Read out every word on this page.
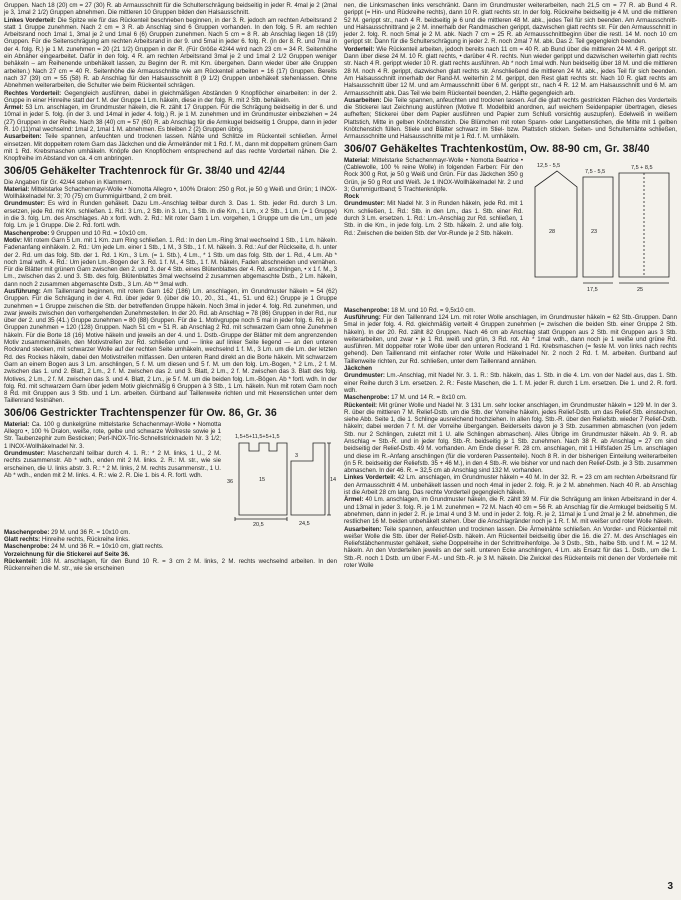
Gruppen. Nach 18 (20) cm = 27 (30) R. ab Armausschnitt für die Schulterschrägung beidseitig in jeder R. 4mal je 2 (2mal je 3, 1mal 2 1/2) Gruppen abnehmen. Die mittleren 10 Gruppen bilden den Halsausschnitt.

Linkes Vorderteil: Die Spitze wie für das Rückenteil beschrieben beginnen, in der 3. R. jedoch am rechten Arbeitsrand 2 statt 1 Gruppe zunehmen. Nach 2 cm = 3 R. ab Anschlag sind 6 Gruppen vorhanden. In den folg. 5 R. am rechten Arbeitsrand noch 1mal 1, 3mal je 2 und 1mal 6 (6) Gruppen zunehmen. Nach 5 cm = 8 R. ab Anschlag liegen 18 (19) Gruppen. Für die Seitenschrägung am rechten Arbeitsrand in der 9. und 5mal in jeder 6. folg. R. (in der 8. R. und 7mal in der 4. folg. R.) je 1 M. zunehmen = 20 (21 1/2) Gruppen in der R. (Für Größe 42/44 wird nach 23 cm = 34 R. Seitenhöhe ein Abnäher eingearbeitet. Dafür in den folg. 4 R. am rechten Arbeitsrand 3mal je 2 und 1mal 2 1/2 Gruppen weniger behäkeln – am Reihenende unbehäkelt lassen, zu Beginn der R. mit Km. übergehen. Dann wieder über alle Gruppen arbeiten.) Nach 27 cm = 40 R. Seitenhöhe die Armausschnitte wie am Rückenteil arbeiten = 16 (17) Gruppen. Bereits nach 37 (39) cm = 55 (58) R. ab Anschlag für den Halsausschnitt 8 (9 1/2) Gruppen unbehäkelt stehenlassen. Ohne Abnehmen weiterarbeiten, die Schulter wie beim Rückenteil schrägen.

Rechtes Vorderteil: Gegengleich ausführen, dabei in gleichmäßigen Abständen 9 Knopflöcher einarbeiten: in der 2. Gruppe in einer Hinreihe statt der f. M. der Gruppe 1 Lm. häkeln, diese in der folg. R. mit 2 Stb. behäkeln.

Ärmel: 53 Lm. anschlagen, im Grundmuster häkeln, die R. zählt 17 Gruppen. Für die Schrägung beidseitig in der 6. und 10mal in jeder 5. folg. (in der 3. und 14mal in jeder 4. folg.) R. je 1 M. zunehmen und im Grundmuster einbeziehen = 24 (27) Gruppen in der Reihe. Nach 38 (40) cm = 57 (60) R. ab Anschlag für die Armkugel beidseitig 1 Gruppe, dann in jeder R. 10 (11)mal wechselnd: 1mal 2, 1mal 1 M. abnehmen. Es bleiben 2 (2) Gruppen übrig.

Ausarbeiten: Teile spannen, anfeuchten und trocknen lassen. Nähte und Schlitze im Rückenteil schließen. Ärmel einsetzen. Mit doppeltem rotem Garn das Jäckchen und die Ärmelränder mit 1 Rd. f. M., dann mit doppeltem grünem Garn mit 1 Rd. Krebsmaschen umhäkeln. Knöpfe den Knopflöchern entsprechend auf das rechte Vorderteil nähen. Die 2. Knopfreihe im Abstand von ca. 4 cm anbringen.

306/05 Gehäkelter Trachtenrock für Gr. 38/40 und 42/44

Die Angaben für Gr. 42/44 stehen in Klammern.

Material: Mittelstarke Schachenmayr-Wolle • Nomotta Allegro •, 100% Dralon: 250 g Rot, je 50 g Weiß und Grün; 1 INOX-Wollhäkelnadel Nr. 3; 70 (75) cm Gummiguirtband, 2 cm breit.

Grundmuster: Es wird in Runden gehäkelt. Dazu Lm.-Anschlag teilbar durch 3. Das 1. Stb. jeder Rd. durch 3 Lm. ersetzen, jede Rd. mit Km. schließen. 1. Rd.: 3 Lm., 2 Stb. in 3. Lm., 1 Stb. in die Km., 1 Lm., x 2 Stb., 1 Lm. (= 1 Gruppe) in die 3. folg. Lm. des Anschlages. Ab x fortl. wdh. 2. Rd.: Mit roter Garn 1 Lm. vorgehen, 1 Gruppe um die Lm., um jede folg. Lm. je 1 Gruppe. Die 2. Rd. fortl. wdh.

Maschenprobe: 9 Gruppen und 10 Rd. = 10x10 cm.

Motiv: Mit rotem Garn 5 Lm. mit 1 Km. zum Ring schließen. 1. Rd.: In den Lm.-Ring 3mal wechselnd 1 Stb., 1 Lm. häkeln. Fadenanfang einhäkeln. 2. Rd.: Um jede Lm. einer 1 Stb., 1 M., 3 Stb., 1 f. M. häkeln. 3. Rd.: Auf der Rückseite, d. h. unter der 2. Rd. um das folg. Stb. der 1. Rd. 1 Km., 3 Lm. (= 1. Stb.), 4 Lm., * 1 Stb. um das folg. Stb. der 1. Rd., 4 Lm. Ab * noch 1mal wdh. 4. Rd.: Um jeden Lm.-Bogen der 3. Rd. 1 f. M., 4 Stb., 1 f. M. häkeln, Faden abschneiden und vernähen. Für die Blätter mit grünem Garn zwischen den 2. und 3. der 4 Stb. eines Blütenblattes der 4. Rd. anschlingen, • x 1 f. M., 3 Lm., zwischen das 2. und 3. Stb. des folg. Blütenblattes 3mal wechselnd 2 zusammen abgemaschte Dstb., 2 Lm. häkeln, dann noch 2 zusammen abgemaschte Dstb., 3 Lm. Ab ** 3mal wdh.

Ausführung: Am Taillenrand beginnen, mit rotem Garn 162 (186) Lm. anschlagen, im Grundmuster häkeln = 54 (62) Gruppen. Für die Schrägung in der 4. Rd. über jeder 9. (über die 10., 20., 31., 41., 51. und 62.) Gruppe je 1 Gruppe zunehmen = 1 Gruppe zwischen die Stb. der betreffenden Gruppe häkeln. Noch 3mal in jeder 4. folg. Rd. zunehmen, und zwar jeweils zwischen den vorhergehenden Zunehmestellen. In der 20. Rd. ab Anschlag = 78 (86) Gruppen in der Rd., nur über der 2. und 35 (41.) Gruppe zunehmen = 80 (88) Gruppen. Für die 1. Motivgruppe noch 5 mal in jeder folg. 6. Rd. je 8 Gruppen zunehmen = 120 (128) Gruppen. Nach 51 cm = 51 R. ab Anschlag 2 Rd. mit schwarzem Garn ohne Zunehmen häkeln. Für die Borte 18 (16) Motive häkeln und jeweils an der 4. und 1. Dstb.-Gruppe der Blätter mit dem angrenzenden Motiv zusammenhäkeln, den Motivstreifen zur Rd. schließen und — linke auf linker Seite liegend — an den unteren Rockrand stecken, mit schwarzer Wolle auf der rechten Seite umhäkeln, wechselnd 1 f. M., 3 Lm. um die Lm. der letzten Rd. des Rockes häkeln, dabei den Motivstreifen mitfassen. Den unteren Rand direkt an die Borte häkeln. Mit schwarzem Garn an einem Bogen aus 3 Lm. anschlingen, 5 f. M. um diesen und 5 f. M. um den folg. Lm.-Bogen, * 2 Lm., 2 f. M. zwischen das 1. und 2. Blatt, 2 Lm., 2 f. M. zwischen das 2. und 3. Blatt, 2 Lm., 2 f. M. zwischen das 3. Blatt des folg. Motives, 2 Lm., 2 f. M. zwischen das 3. und 4. Blatt, 2 Lm., je 5 f. M. um die beiden folg. Lm.-Bögen. Ab * fortl. wdh. In der folg. Rd. mit schwarzem Garn über jedem Motiv gleichmäßig 6 Gruppen à 3 Stb., 1 Lm. häkeln. Nun mit rotem Garn noch 8 Rd. mit Gruppen aus 3 Stb. und 1 Lm. arbeiten. Gürtband auf Taillenweite richten und mit Hexenstichen unter dem Taillenrand festnähen.

306/06 Gestrickter Trachtenspenzer für Ow. 86, Gr. 36

Material: Ca. 100 g dunkelgrüne mittelstarke Schachenmayr-Wolle • Nomotta Allegro •, 100 % Dralon, weiße, rote, gelbe und schwarze Wollreste sowie je 1 Str. Taubenzephir zum Besticken; Perl-INOX-Tric-Schnellstricknadeln Nr. 3 1/2; 1 INOX-Wollhäkelnadel Nr. 3.

Grundmuster: Maschenzahl teilbar durch 4. 1. R.: * 2 M. links, 1 U., 2 M. rechts zusammenstr. Ab * wdh., enden mit 2 M. links. 2. R.: M. str., wie sie erscheinen, die U. links abstr. 3. R.: * 2 M. links, 2 M. rechts zusammenstr., 1 U. Ab * wdh., enden mit 2 M. links. 4. R.: wie 2. R. Die 1. bis 4. R. fortl. wdh.

1,5+5+11,5+5+1,5
20,5	24,5
36	14
3
15

Maschenprobe: 29 M. und 36 R. = 10x10 cm.

Glatt rechts: Hinreihe rechts, Rückreihe links.

Maschenprobe: 24 M. und 36 R. = 10x10 cm, glatt rechts.

Vorzeichnung für die Stickerei auf Seite 36.

Rückenteil: 108 M. anschlagen, für den Bund 10 R. = 3 cm 2 M. links, 2 M. rechts wechselnd arbeiten. In den Rückenreihen die M. str., wie sie erscheinen

nen, die Linksmaschen links verschränkt. Dann im Grundmuster weiterarbeiten, nach 21,5 cm = 77 R. ab Bund 4 R. gerippt (= Hin- und Rückreihe rechts), dann 10 R. glatt rechts str. In der folg. Rückreihe beidseitig je 4 M. und die mittleren 52 M. gerippt str., nach 4 R. beidseitig je 6 und die mittleren 48 M. abk., jedes Teil für sich beenden. Am Armausschnitt- und Halsausschnittrand je 2 M. innerhalb der Randmaschen gerippt, dazwischen glatt rechts str. Für den Armausschnitt in jeder 2. folg. R. noch 5mal je 2 M. abk. Nach 7 cm = 25 R. ab Armausschnittbeginn über die restl. 14 M. noch 10 cm gerippt str. Dann für die Schulterschrägung in jeder 2. R. noch 2mal 7 M. abk. Das 2. Teil gegengleich beenden.

Vorderteil: Wie Rückenteil arbeiten, jedoch bereits nach 11 cm = 40 R. ab Bund über die mittleren 24 M. 4 R. gerippt str. Dann über diese 24 M. 10 R. glatt rechts, • darüber 4 R. rechts. Nun wieder gerippt und dazwischen weiterhin glatt rechts str. Nach 4 R. gerippt wieder 10 R. glatt rechts ausführen. Ab * noch 1mal wdh. Nun beidseitig über 18 M. und die mittleren 28 M. noch 4 R. gerippt, dazwischen glatt rechts str. Anschließend die mittleren 24 M. abk., jedes Teil für sich beenden. Am Halsausschnitt innerhalb der Rand-M. weiterhin 2 M. gerippt, den Rest glatt rechts str. Nach 10 R. glatt rechts am Halsausschnitt über 12 M. und am Armausschnitt über 6 M. gerippt str., nach 4 R. 12 M. am Halsausschnitt und 6 M. am Armausschnitt abk. Das Teil wie beim Rückenteil beenden, 2. Hälfte gegengleich arb.

Ausarbeiten: Die Teile spannen, anfeuchten und trocknen lassen. Auf die glatt rechts gestrickten Flächen des Vorderteils die Stickerei laut Zeichnung ausführen (Motive ff. Modellbild anordnen, auf weichem Seidenpapier übertragen, dieses aufheften; Stickerei über dem Papier ausführen und Papier zum Schluß vorsichtig auszupfen). Edelweiß in weißem Plattstich, Mitte in gelben Knötchenstich. Die Blümchen mit roten Spann- oder Langettenstichen, die Mitte mit 1 gelben Knötchenstich füllen. Stiele und Blätter schwarz im Stiel- bzw. Plattstich sticken. Seiten- und Schulternähte schließen, Armausschnitte und Halsausschnitte mit je 1 Rd. f. M. umhäkeln.

306/07 Gehäkeltes Trachtenkostüm, Ow. 88-90 cm, Gr. 38/40

Material: Mittelstarke Schachenmayr-Wolle • Nomotta Beatrice • (Cablewolle, 100 % reine Wolle) in folgenden Farben: Für den Rock 300 g Rot, je 50 g Weiß und Grün. Für das Jäckchen 350 g Grün, je 50 g Rot und Weiß. Je 1 INOX-Wollhäkelnadel Nr. 2 und 3; Gummigurtband; 5 Trachtenknöpfe.

Rock

Grundmuster: Mit Nadel Nr. 3 in Runden häkeln, jede Rd. mit 1 Km. schließen, 1. Rd.: Stb. in den Lm., das 1. Stb. einer Rd. durch 3 Lm. ersetzen. 1. Rd.: Lm.-Anschlag zur Rd. schließen, 1 Stb. in die Km., in jede folg. Lm. 2 Stb. häkeln. 2. und alle folg. Rd.: Zwischen die beiden Stb. der Vor-Runde je 2 Stb. häkeln.

12,5 - 5,5
28
7,5 - 5,5
23
17,5	25
7,5 + 8,5

Maschenprobe: 18 M. und 10 Rd. = 9,5x10 cm.

Ausführung: Für den Taillenrand 124 Lm. mit roter Wolle anschlagen, im Grundmuster häkeln = 62 Stb.-Gruppen. Dann 5mal in jeder folg. 4. Rd. gleichmäßig verteilt 4 Gruppen zunehmen (= zwischen die beiden Stb. einer Gruppe 2 Stb. häkeln). In der 20. Rd. zählt 82 Gruppen. Nach 46 cm ab Anschlag statt Gruppen aus 2 Stb. mit Gruppen aus 3 Stb. weiterarbeiten, und zwar • je 1 Rd. weiß und grün, 3 Rd. rot. Ab * 1mal wdh., dann noch je 1 weiße und grüne Rd. ausführen. Mit doppelter roter Wolle über den unteren Rockrand 1 Rd. Krebsmaschen (= feste M. von links nach rechts gehend). Den Taillenrand mit einfacher roter Wolle und Häkelnadel Nr. 2 noch 2 Rd. f. M. arbeiten. Gurtband auf Taillenweite richten, zur Rd. schließen, unter dem Taillenrand annähen.

Jäckchen

Grundmuster: Lm.-Anschlag, mit Nadel Nr. 3. 1. R.: Stb. häkeln, das 1. Stb. in die 4. Lm. von der Nadel aus, das 1. Stb. einer Reihe durch 3 Lm. ersetzen. 2. R.: Feste Maschen, die 1. f. M. jeder R. durch 1 Lm. ersetzen. Die 1. und 2. R. fortl. wdh.

Maschenprobe: 17 M. und 14 R. = 8x10 cm.

Rückenteil: Mit grüner Wolle und Nadel Nr. 3 131 Lm. sehr locker anschlagen, im Grundmuster häkeln = 129 M. In der 3. R. über die mittleren 7 M. Relief-Dstb. um die Stb. der Vorreihe häkeln, jedes Relief-Dstb. um das Relief-Stb. einstechen, siehe Abb. Seite 1, die 1. Schlinge ausreichend hochziehen. In allen folg. Stb.-R. über den Reliefstb. wieder 7 Relief-Dstb. häkeln; dabei werden 7 f. M. der Vorreihe übergangen. Beiderseits davon je 3 Stb. zusammen abmaschen (von jedem Stb. nur 2 Schlingen, zuletzt mit 1 U. alle Schlingen abmaschen). Alles Übrige im Grundmuster häkeln. Ab 9. R. ab Anschlag = Stb.-R. und in jeder folg. Stb.-R. beidseitig je 1 Stb. zunehmen. Nach 38 R. ab Anschlag = 27 cm sind beidseitig der Relief-Dstb. 49 M. vorhanden. Am Ende dieser R. 28 cm. anschlagen, mit 1 Hilfsfaden 25 Lm. anschlagen und diese im R.-Anfang anschlingen (für die vorderen Passenteile). Noch 8 R. in der bisherigen Einteilung weiterarbeiten (in 5 R. beidseitig der Reliefstb. 35 + 46 M.), in den 4 Stb.-R. wie bisher vor und nach den Relief-Dstb. je 3 Stb. zusammen abmaschen. In der 46. R. = 32,5 cm ab Anschlag sind 132 M. vorhanden.

Linkes Vorderteil: 42 Lm. anschlagen, im Grundmuster häkeln = 40 M. In der 32. R. = 23 cm am rechten Arbeitsrand für den Armausschnitt 4 M. unbehäkelt lassen und noch 4mal in jeder 2. folg. R. je 2 M. abnehmen. Nach 40 R. ab Anschlag ist die Arbeit 28 cm lang. Das rechte Vorderteil gegengleich häkeln.

Ärmel: 40 Lm. anschlagen, im Grundmuster häkeln, die R. zählt 39 M. Für die Schrägung am linken Arbeitsrand in der 4. und 13mal in jeder 3. folg. R. je 1 M. zunehmen = 72 M. Nach 40 cm = 56 R. ab Anschlag für die Armkugel beidseitig 5 M. abnehmen, dann in jeder 2. R. je 1mal 4 und 3 M. und in jeder 2. folg. R. je 2, 11mal je 1 und 2mal je 2 M. abnehmen, die restlichen 16 M. beiden unbehäkelt stehen. Über die Anschlagränder noch je 1 R. f. M. mit weißer und roter Wolle häkeln.

Ausarbeiten: Teile spannen, anfeuchten und trocknen lassen. Die Ärmelnähte schließen. An Vorder- und Rückenteil mit weißer Wolle die Stb. über der Relief-Dstb. häkeln. Am Rückenteil beidseitig über die 16. die 27. M. des Anschlages ein Reliefstäbchenmuster gehäkelt, siehe Doppelreihe in der Schrittreihenfolge. Je 3 Dstb., Stb., halbe Stb. und f. M. = 12 M. häkeln. An den Vorderteilen jeweils an der seitl. unteren Ecke anschlingen, 4 Lm. als Ersatz für das 1. Dstb., um die 1. Stb.-R. noch 1 Dstb. um über F.-M.- und Stb.-R. je 3 M. häkeln. Die Zwickel des Rückenteils mit denen der Vorderteile mit roter Wolle

3
